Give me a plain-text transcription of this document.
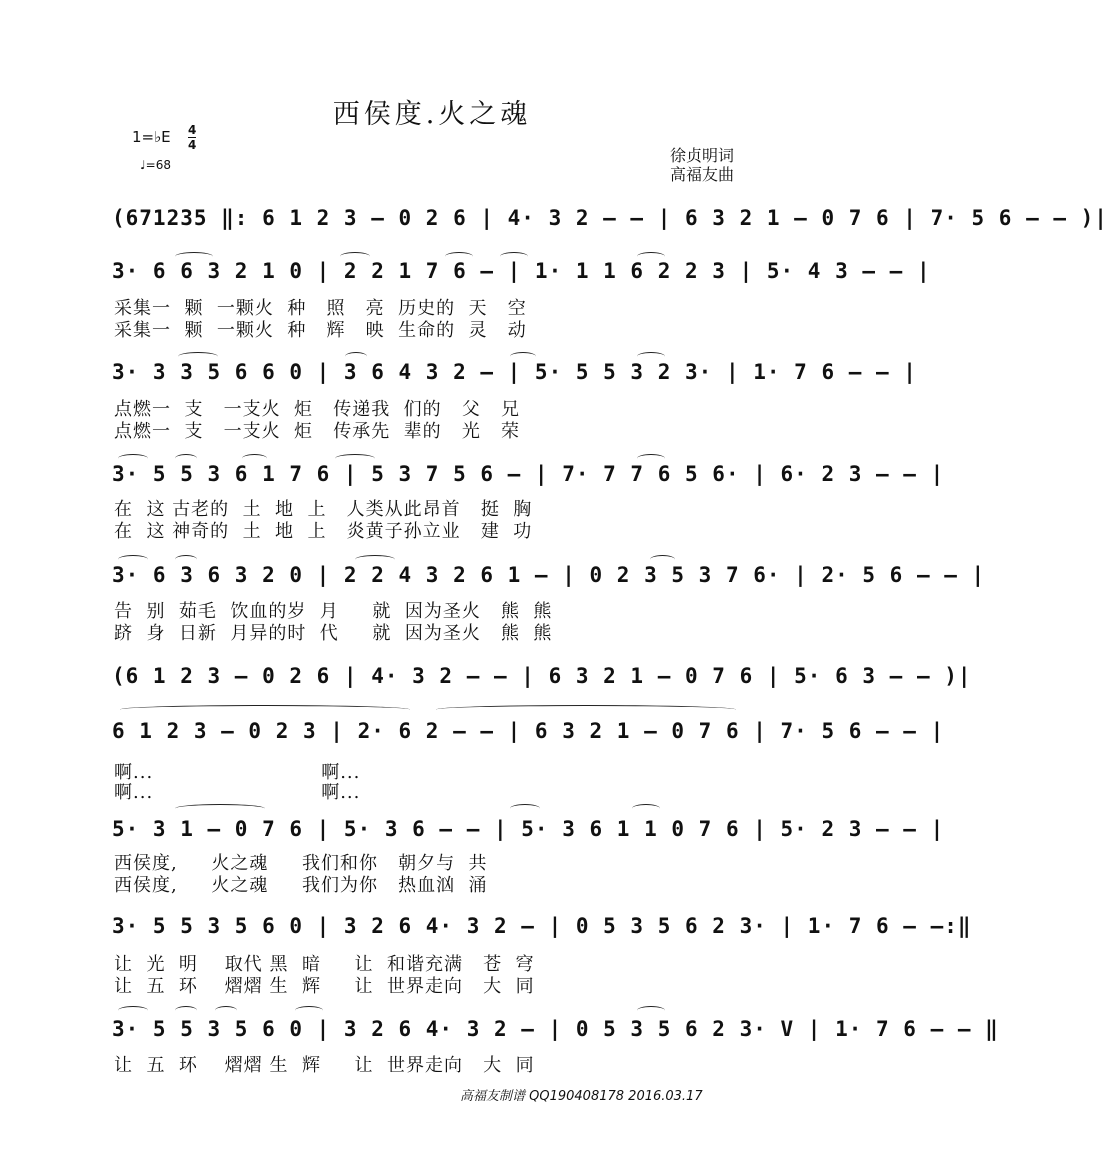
西侯度.火之魂
1=♭E 4
4
♩=68	徐贞明词
高福友曲
(671235 ‖: 6 1 2 3 – 0 2 6 | 4· 3 2 – – | 6 3 2 1 – 0 7 6 | 7· 5 6 – – )|
3· 6 6 3 2 1 0 | 2 2 1 7 6 – | 1· 1 1 6 2 2 3 | 5· 4 3 – – |
采集一  颗  一颗火  种   照   亮  历史的  天   空
采集一  颗  一颗火  种   辉   映  生命的  灵   动
3· 3 3 5 6 6 0 | 3 6 4 3 2 – | 5· 5 5 3 2 3· | 1· 7 6 – – |
点燃一  支   一支火  炬   传递我  们的   父   兄
点燃一  支   一支火  炬   传承先  辈的   光   荣
3· 5 5 3 6 1 7 6 | 5 3 7 5 6 – | 7· 7 7 6 5 6· | 6· 2 3 – – |
在  这 古老的  土  地  上   人类从此昂首   挺  胸
在  这 神奇的  土  地  上   炎黄子孙立业   建  功
3· 6 3 6 3 2 0 | 2 2 4 3 2 6 1 – | 0 2 3 5 3 7 6· | 2· 5 6 – – |
告  别  茹毛  饮血的岁  月     就  因为圣火   熊  熊
跻  身  日新  月异的时  代     就  因为圣火   熊  熊
(6 1 2 3 – 0 2 6 | 4· 3 2 – – | 6 3 2 1 – 0 7 6 | 5· 6 3 – – )|
6 1 2 3 – 0 2 3 | 2· 6 2 – – | 6 3 2 1 – 0 7 6 | 7· 5 6 – – |
啊...                         啊...
啊...                         啊...
5· 3 1 – 0 7 6 | 5· 3 6 – – | 5· 3 6 1 1 0 7 6 | 5· 2 3 – – |
西侯度,     火之魂     我们和你   朝夕与  共
西侯度,     火之魂     我们为你   热血汹  涌
3· 5 5 3 5 6 0 | 3 2 6 4· 3 2 – | 0 5 3 5 6 2 3· | 1· 7 6 – –:‖
让  光  明    取代 黑  暗     让  和谐充满   苍  穹
让  五  环    熠熠 生  辉     让  世界走向   大  同
3· 5 5 3 5 6 0 | 3 2 6 4· 3 2 – | 0 5 3 5 6 2 3· V | 1· 7 6 – – ‖
让  五  环    熠熠 生  辉     让  世界走向   大  同
高福友制谱 QQ190408178 2016.03.17
